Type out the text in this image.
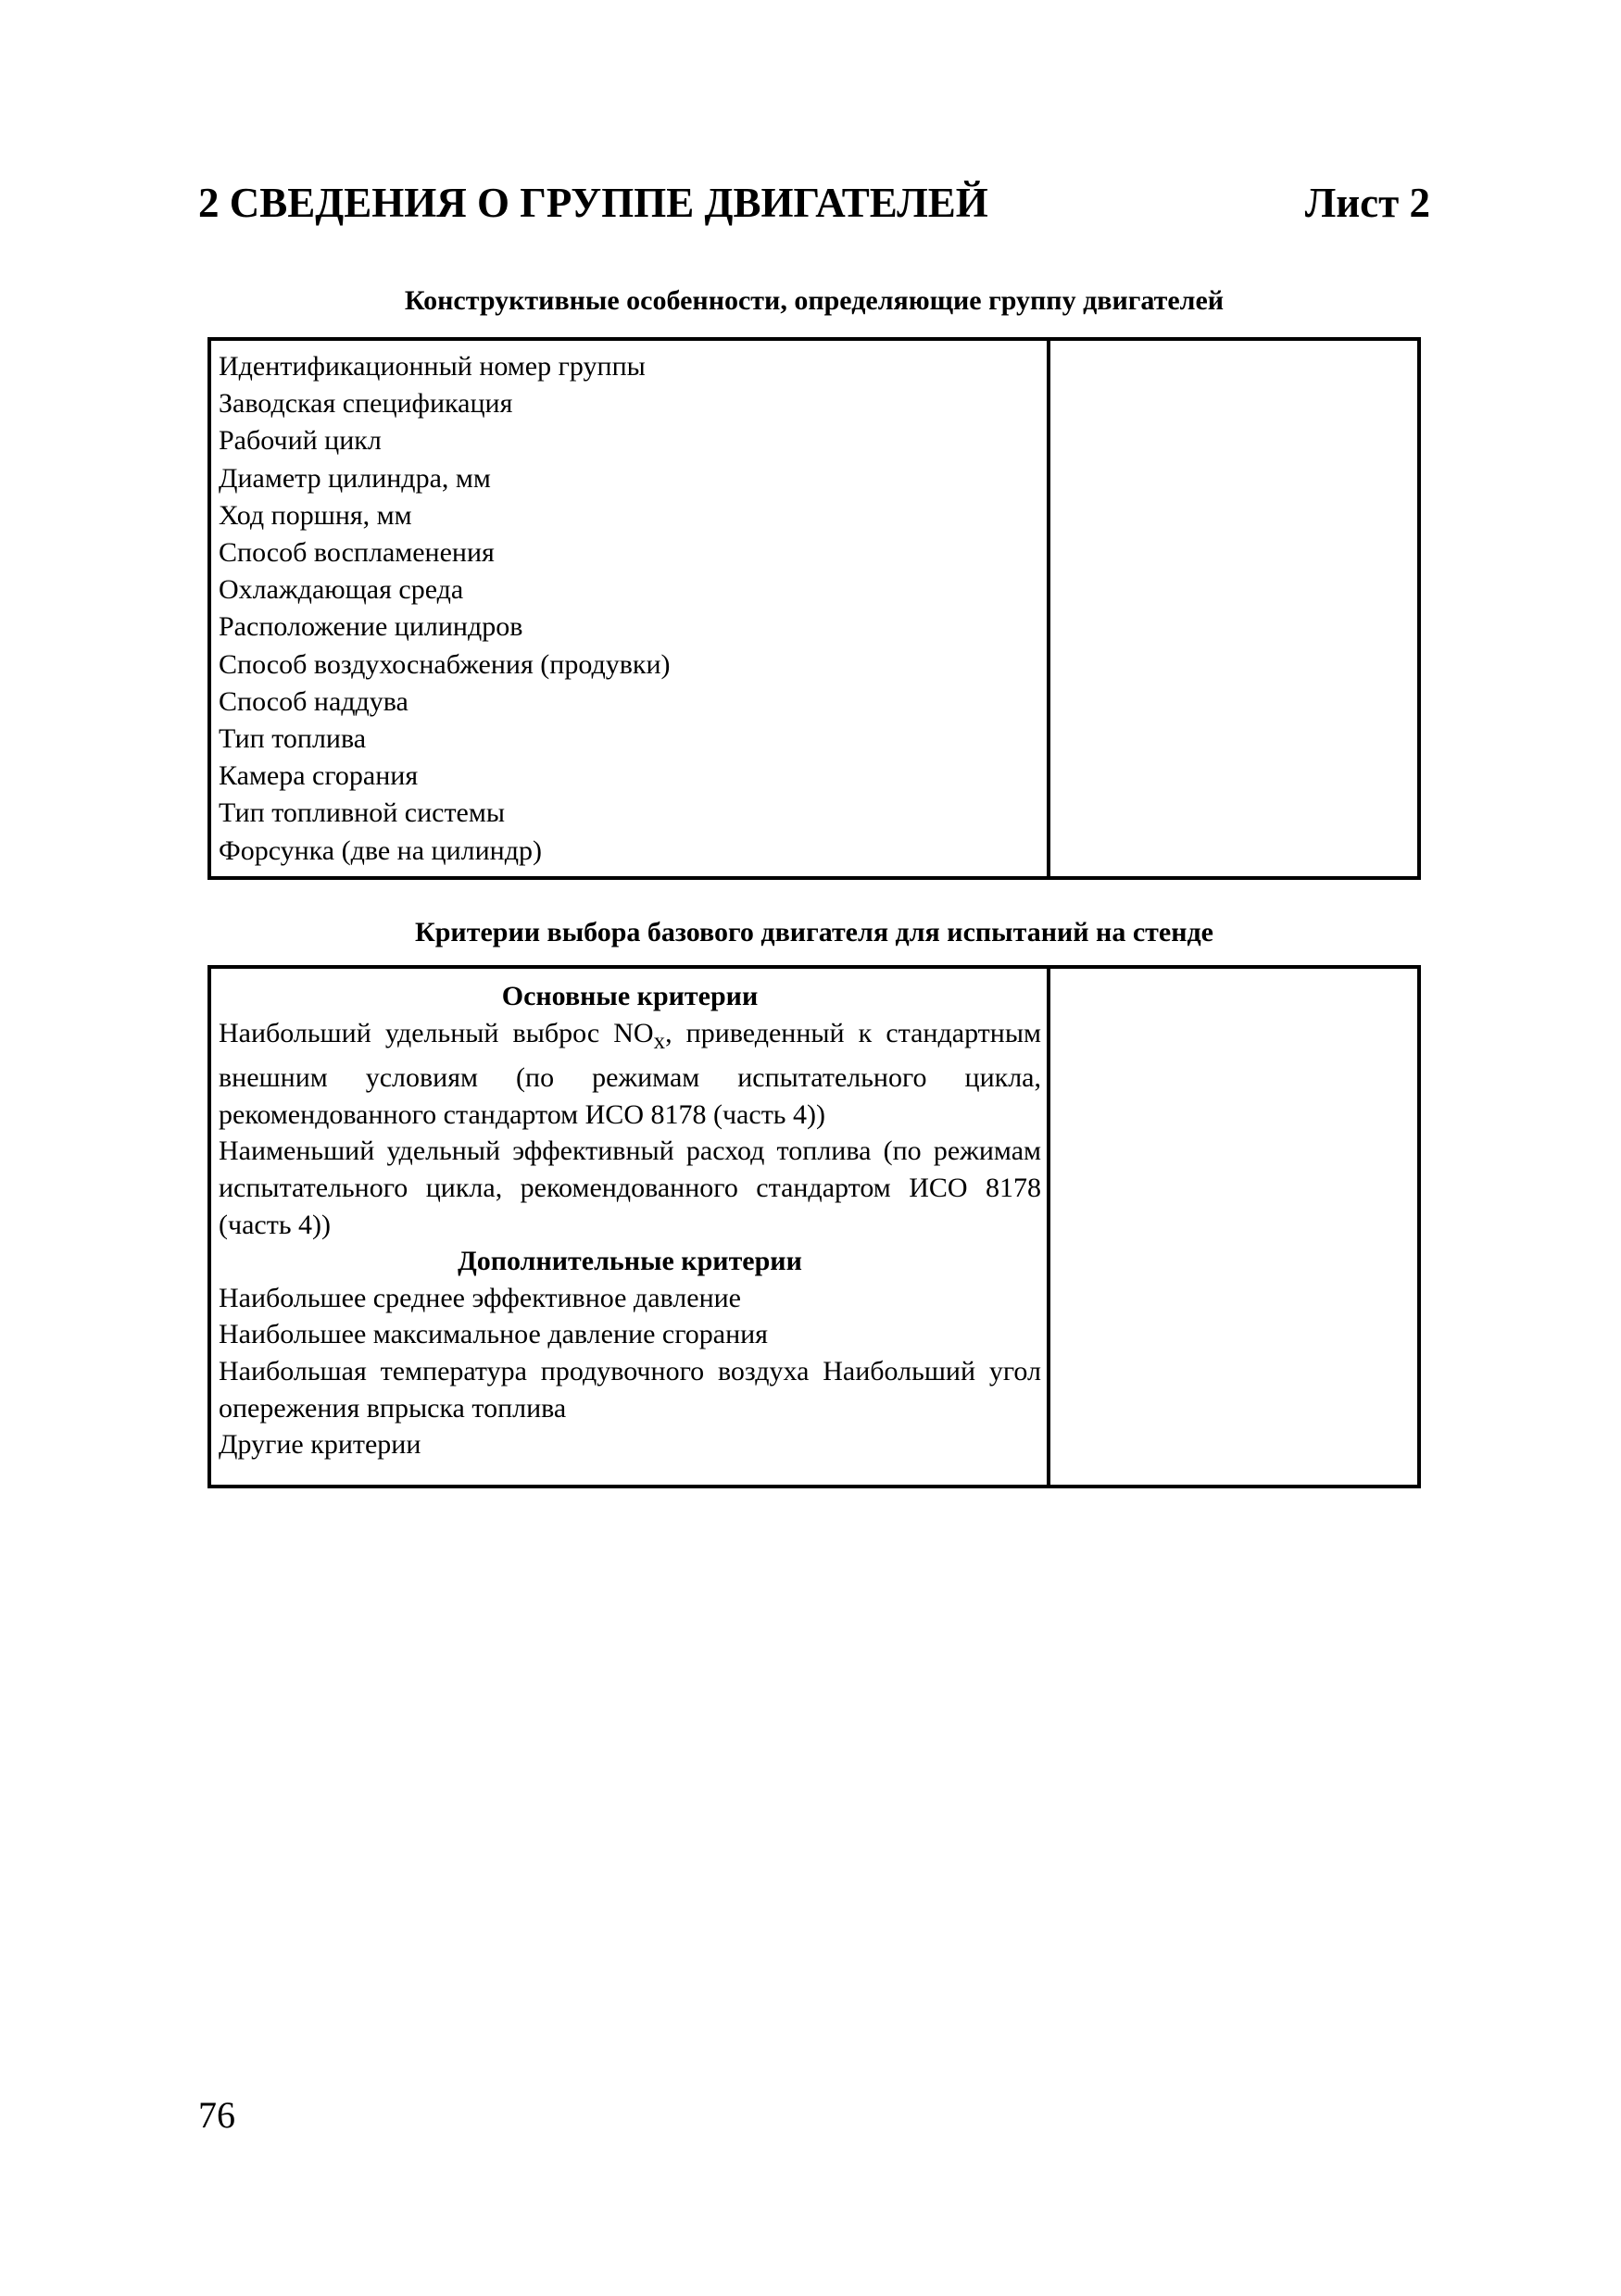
2 СВЕДЕНИЯ О ГРУППЕ ДВИГАТЕЛЕЙ	Лист 2
Конструктивные особенности, определяющие группу двигателей
Идентификационный номер группы
Заводская спецификация
Рабочий цикл
Диаметр цилиндра, мм
Ход поршня, мм
Способ воспламенения
Охлаждающая среда
Расположение цилиндров
Способ воздухоснабжения (продувки)
Способ наддува
Тип топлива
Камера сгорания
Тип топливной системы
Форсунка (две на цилиндр)

Критерии выбора базового двигателя для испытаний на стенде
Основные критерии
Наибольший удельный выброс $NO_x$, приведенный к стандартным внешним условиям (по режимам испытательного цикла, рекомендованного стандартом ИСО 8178 (часть 4))
Наименьший удельный эффективный расход топлива (по режимам испытательного цикла, рекомендованного стандартом ИСО 8178 (часть 4))
Дополнительные критерии
Наибольшее среднее эффективное давление
Наибольшее максимальное давление сгорания
Наибольшая температура продувочного воздуха Наибольший угол опережения впрыска топлива
Другие критерии

76
